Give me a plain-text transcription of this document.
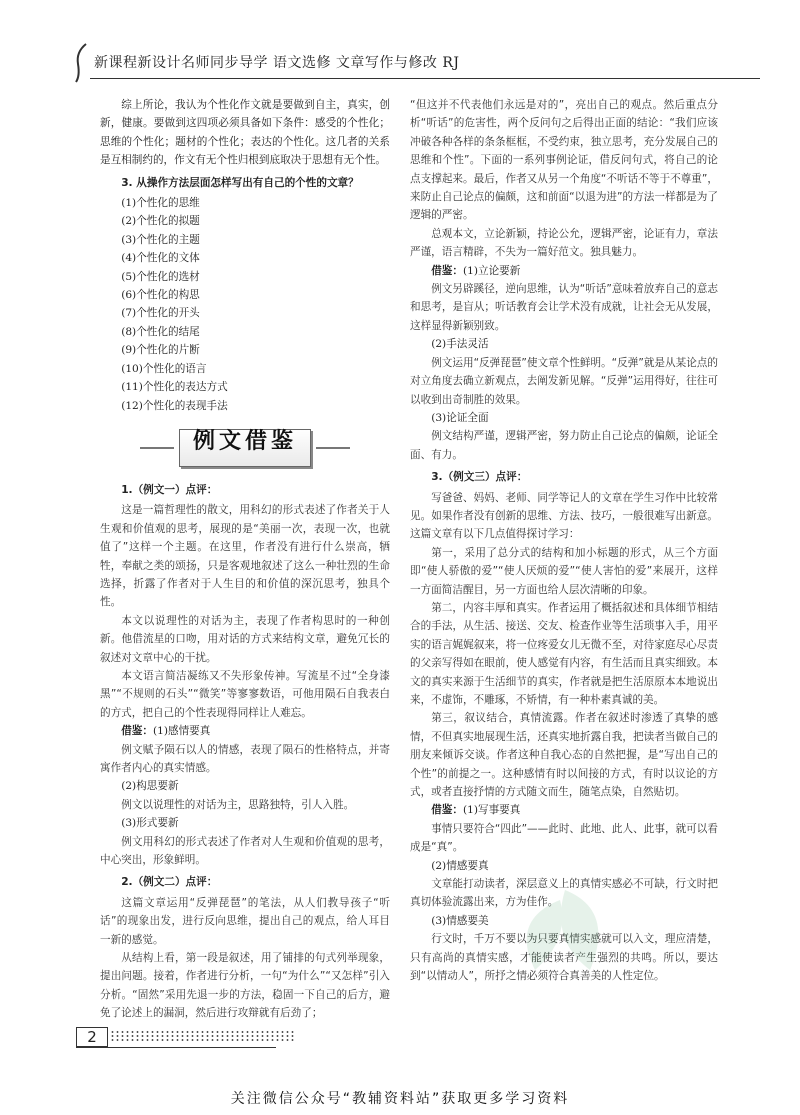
新课程新设计名师同步导学 语文选修 文章写作与修改 RJ

综上所论，我认为个性化作文就是要做到自主，真实，创新，健康。要做到这四项必须具备如下条件：感受的个性化；思维的个性化；题材的个性化；表达的个性化。这几者的关系是互相制约的，作文有无个性归根到底取决于思想有无个性。

3. 从操作方法层面怎样写出有自己的个性的文章？
(1)个性化的思维
(2)个性化的拟题
(3)个性化的主题
(4)个性化的文体
(5)个性化的选材
(6)个性化的构思
(7)个性化的开头
(8)个性化的结尾
(9)个性化的片断
(10)个性化的语言
(11)个性化的表达方式
(12)个性化的表现手法
例文借鉴
1.（例文一）点评：

这是一篇哲理性的散文，用科幻的形式表述了作者关于人生观和价值观的思考，展现的是“美丽一次，表现一次，也就值了”这样一个主题。在这里，作者没有进行什么崇高，牺牲，奉献之类的颂扬，只是客观地叙述了这么一种壮烈的生命选择，折露了作者对于人生目的和价值的深沉思考，独具个性。

本文以说理性的对话为主，表现了作者构思时的一种创新。他借流星的口吻，用对话的方式来结构文章，避免冗长的叙述对文章中心的干扰。

本文语言简洁凝练又不失形象传神。写流星不过“全身漆黑”“不规则的石头”“微笑”等寥寥数语，可他用陨石自我表白的方式，把自己的个性表现得同样让人难忘。

借鉴：(1)感情要真

例文赋予陨石以人的情感，表现了陨石的性格特点，并寄寓作者内心的真实情感。

(2)构思要新

例文以说理性的对话为主，思路独特，引人入胜。

(3)形式要新

例文用科幻的形式表述了作者对人生观和价值观的思考，中心突出，形象鲜明。

2.（例文二）点评：

这篇文章运用“反弹琵琶”的笔法，从人们教导孩子“听话”的现象出发，进行反向思维，提出自己的观点，给人耳目一新的感觉。

从结构上看，第一段是叙述，用了铺排的句式列举现象，提出问题。接着，作者进行分析，一句“为什么”“又怎样”引入分析。“固然”采用先退一步的方法，稳固一下自己的后方，避免了论述上的漏洞，然后进行攻辩就有后劲了；

“但这并不代表他们永远是对的”，亮出自己的观点。然后重点分析“听话”的危害性，两个反问句之后得出正面的结论：“我们应该冲破各种各样的条条框框，不受约束，独立思考，充分发展自己的思维和个性”。下面的一系列事例论证，借反问句式，将自己的论点支撑起来。最后，作者又从另一个角度“不听话不等于不尊重”，来防止自己论点的偏颇，这和前面“以退为进”的方法一样都是为了逻辑的严密。

总观本文，立论新颖，持论公允，逻辑严密，论证有力，章法严谨，语言精辟，不失为一篇好范文。独具魅力。

借鉴：(1)立论要新

例文另辟蹊径，逆向思维，认为“听话”意味着放弃自己的意志和思考，是盲从；听话教育会让学术没有成就，让社会无从发展，这样显得新颖别致。

(2)手法灵活

例文运用“反弹琵琶”使文章个性鲜明。“反弹”就是从某论点的对立角度去确立新观点，去阐发新见解。“反弹”运用得好，往往可以收到出奇制胜的效果。

(3)论证全面

例文结构严谨，逻辑严密，努力防止自己论点的偏颇，论证全面、有力。

3.（例文三）点评：

写爸爸、妈妈、老师、同学等记人的文章在学生习作中比较常见。如果作者没有创新的思维、方法、技巧，一般很难写出新意。这篇文章有以下几点值得探讨学习：

第一，采用了总分式的结构和加小标题的形式，从三个方面即“使人骄傲的爱”“使人厌烦的爱”“使人害怕的爱”来展开，这样一方面简洁醒目，另一方面也给人层次清晰的印象。

第二，内容丰厚和真实。作者运用了概括叙述和具体细节相结合的手法，从生活、接送、交友、检查作业等生活琐事入手，用平实的语言娓娓叙来，将一位疼爱女儿无微不至，对待家庭尽心尽责的父亲写得如在眼前，使人感觉有内容，有生活而且真实细致。本文的真实来源于生活细节的真实，作者就是把生活原原本本地说出来，不虚饰，不雕琢，不矫情，有一种朴素真诚的美。

第三，叙议结合，真情流露。作者在叙述时渗透了真挚的感情，不但真实地展现生活，还真实地折露自我，把读者当做自己的朋友来倾诉交谈。作者这种自我心态的自然把握，是“写出自己的个性”的前提之一。这种感情有时以间接的方式，有时以议论的方式，或者直接抒情的方式随文而生，随笔点染，自然贴切。

借鉴：(1)写事要真

事情只要符合“四此”——此时、此地、此人、此事，就可以看成是“真”。

(2)情感要真

文章能打动读者，深层意义上的真情实感必不可缺，行文时把真切体验流露出来，方为佳作。

(3)情感要美

行文时，千万不要以为只要真情实感就可以入文，理应清楚，只有高尚的真情实感，才能使读者产生强烈的共鸣。所以，要达到“以情动人”，所抒之情必须符合真善美的人性定位。

2
关注微信公众号“教辅资料站”获取更多学习资料
